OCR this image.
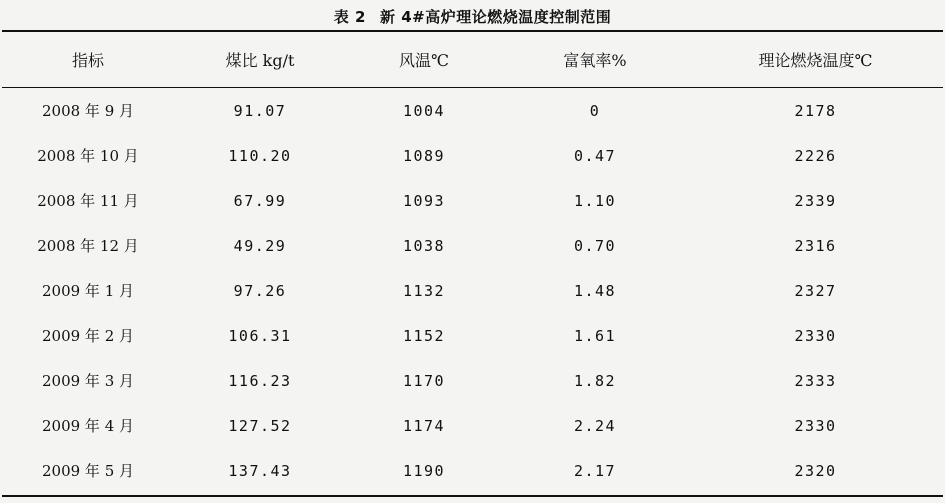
表 2 新 4#高炉理论燃烧温度控制范围
指标	煤比 kg/t	风温℃	富氧率%	理论燃烧温度℃

2008 年 9 月	91.07	1004	0	2178
2008 年 10 月	110.20	1089	0.47	2226
2008 年 11 月	67.99	1093	1.10	2339
2008 年 12 月	49.29	1038	0.70	2316
2009 年 1 月	97.26	1132	1.48	2327
2009 年 2 月	106.31	1152	1.61	2330
2009 年 3 月	116.23	1170	1.82	2333
2009 年 4 月	127.52	1174	2.24	2330
2009 年 5 月	137.43	1190	2.17	2320
